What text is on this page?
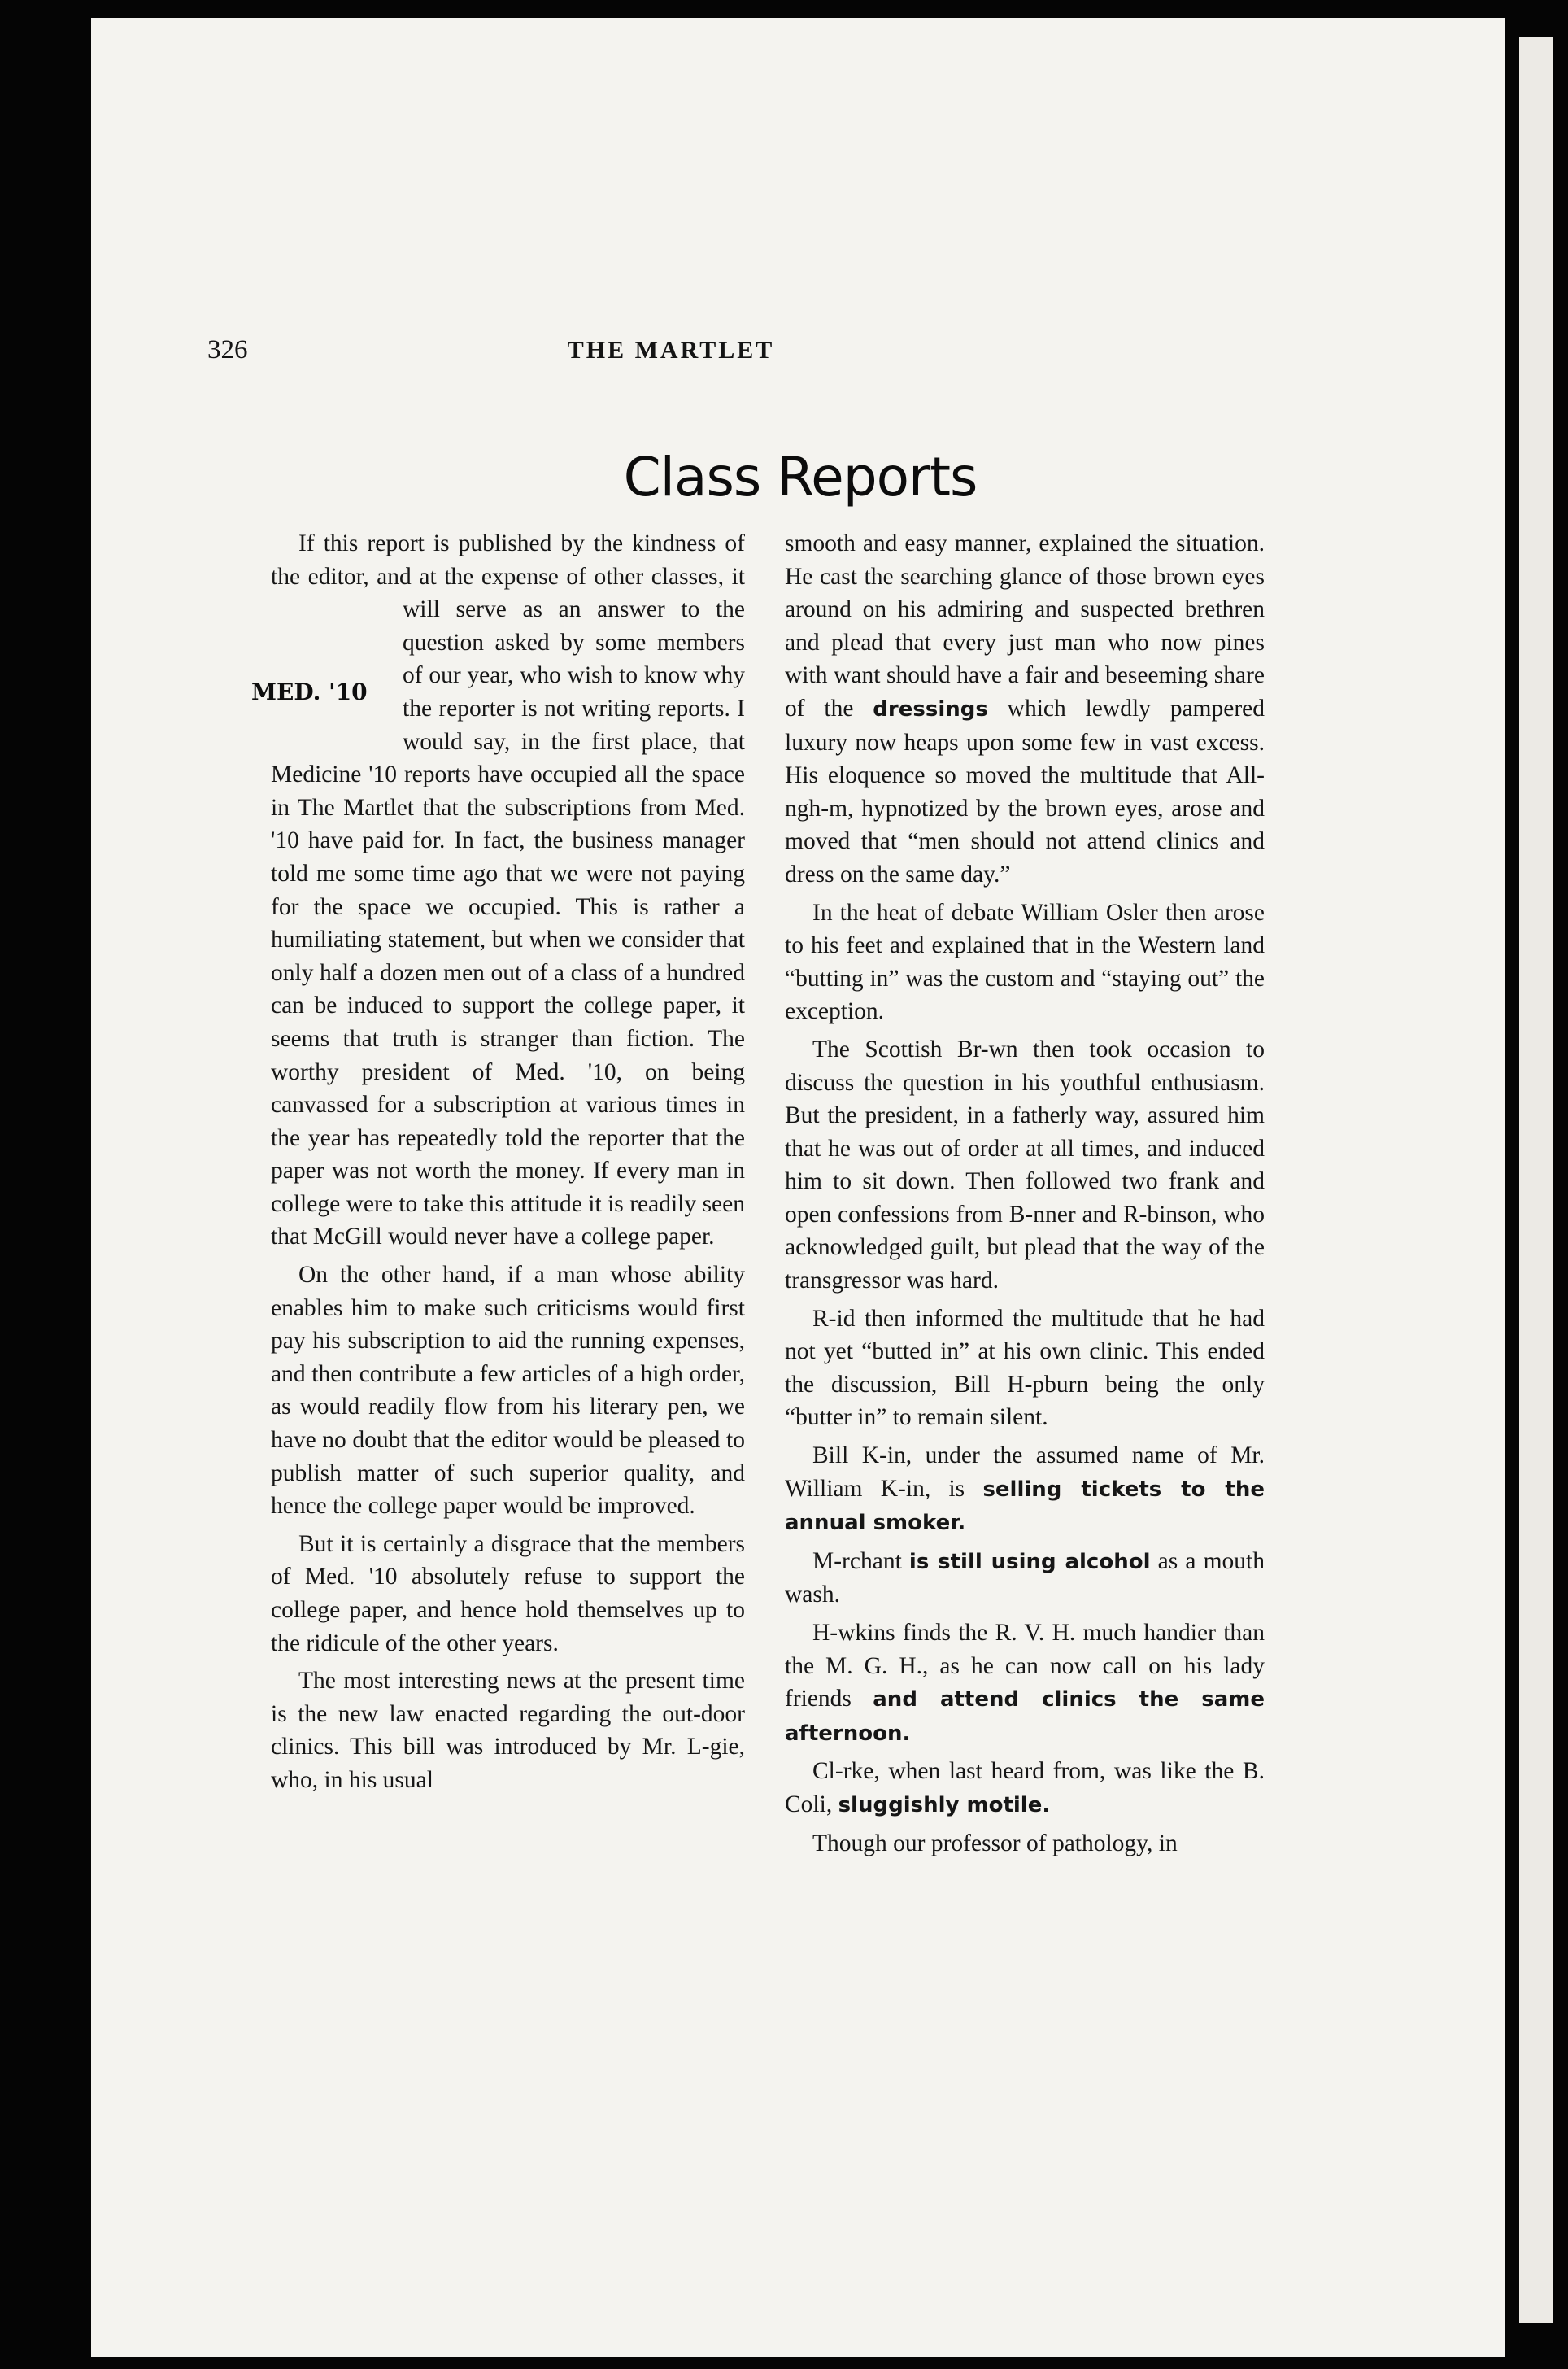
326	THE MARTLET
Class Reports

If this report is published by the kindness of the editor, and at the expense of other classes, it will serve
MED. '10
as an answer to the question asked by some members of our year, who wish to know why the reporter is not writing reports. I would say, in the first place, that Medicine '10 reports have occupied all the space in The Martlet that the subscriptions from Med. '10 have paid for. In fact, the business manager told me some time ago that we were not paying for the space we occupied. This is rather a humiliating statement, but when we consider that only half a dozen men out of a class of a hundred can be induced to support the college paper, it seems that truth is stranger than fiction. The worthy president of Med. '10, on being canvassed for a subscription at various times in the year has repeatedly told the reporter that the paper was not worth the money. If every man in college were to take this attitude it is readily seen that McGill would never have a college paper.

On the other hand, if a man whose ability enables him to make such criticisms would first pay his subscription to aid the running expenses, and then contribute a few articles of a high order, as would readily flow from his literary pen, we have no doubt that the editor would be pleased to publish matter of such superior quality, and hence the college paper would be improved.

But it is certainly a disgrace that the members of Med. '10 absolutely refuse to support the college paper, and hence hold themselves up to the ridicule of the other years.

The most interesting news at the present time is the new law enacted regarding the out-door clinics. This bill was introduced by Mr. L-gie, who, in his usual

smooth and easy manner, explained the situation. He cast the searching glance of those brown eyes around on his admiring and suspected brethren and plead that every just man who now pines with want should have a fair and beseeming share of the dressings which lewdly pampered luxury now heaps upon some few in vast excess. His eloquence so moved the multitude that All-ngh-m, hypnotized by the brown eyes, arose and moved that “men should not attend clinics and dress on the same day.”

In the heat of debate William Osler then arose to his feet and explained that in the Western land “butting in” was the custom and “staying out” the exception.

The Scottish Br-wn then took occasion to discuss the question in his youthful enthusiasm. But the president, in a fatherly way, assured him that he was out of order at all times, and induced him to sit down. Then followed two frank and open confessions from B-nner and R-binson, who acknowledged guilt, but plead that the way of the transgressor was hard.

R-id then informed the multitude that he had not yet “butted in” at his own clinic. This ended the discussion, Bill H-pburn being the only “butter in” to remain silent.

Bill K-in, under the assumed name of Mr. William K-in, is selling tickets to the annual smoker.

M-rchant is still using alcohol as a mouth wash.

H-wkins finds the R. V. H. much handier than the M. G. H., as he can now call on his lady friends and attend clinics the same afternoon.

Cl-rke, when last heard from, was like the B. Coli, sluggishly motile.

Though our professor of pathology, in
